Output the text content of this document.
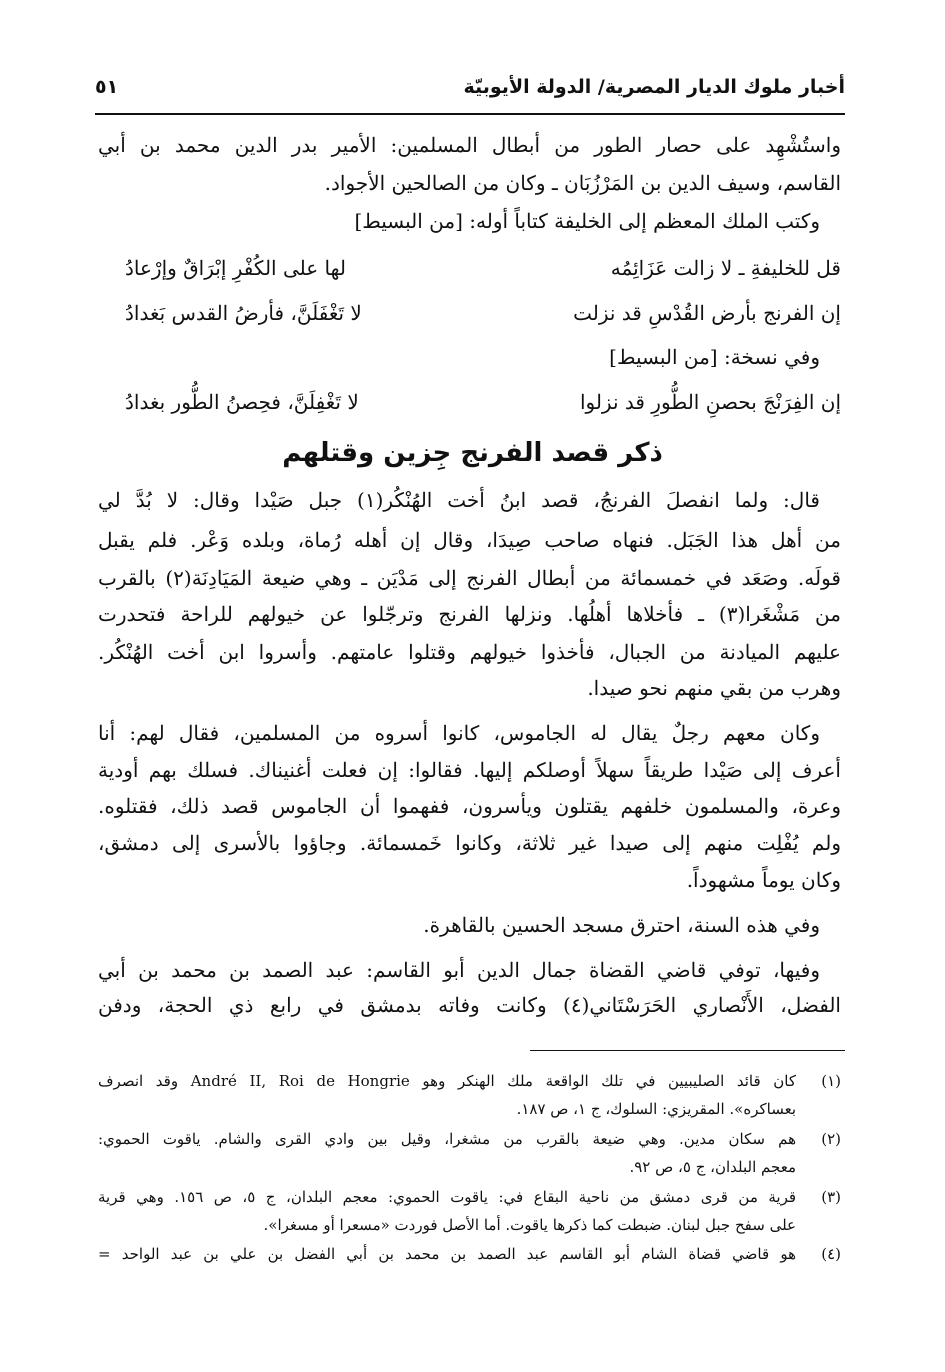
أخبار ملوك الديار المصرية/ الدولة الأيوبيّة
٥١
واستُشْهِد على حصار الطور من أبطال المسلمين: الأمير بدر الدين محمد بن أبي
القاسم، وسيف الدين بن المَرْزُبَان ـ وكان من الصالحين الأجواد.
وكتب الملك المعظم إلى الخليفة كتاباً أوله: [من البسيط]
قل للخليفةِ ـ لا زالت عَزَائِمُه
لها على الكُفْرِ إبْرَاقٌ وإرْعادُ
إن الفرنج بأرض القُدْسِ قد نزلت
لا تَغْفَلَنَّ، فأرضُ القدس بَغدادُ
وفي نسخة: [من البسيط]
إن الفِرَنْجَ بحصنِ الطُّورِ قد نزلوا
لا تَغْفِلَنَّ، فحِصنُ الطُّور بغدادُ
ذكر قصد الفرنج جِزين وقتلهم
قال: ولما انفصلَ الفرنجُ، قصد ابنُ أخت الهُنْكُر(١) جبل صَيْدا وقال: لا بُدَّ لي
من أهل هذا الجَبَل. فنهاه صاحب صِيدَا، وقال إن أهله رُماة، وبلده وَعْر. فلم يقبل
قولَه. وصَعَد في خمسمائة من أبطال الفرنج إلى مَدْيَن ـ وهي ضيعة المَيَادِنَة(٢) بالقرب
من مَشْغَرا(٣) ـ فأخلاها أهلُها. ونزلها الفرنج وترجّلوا عن خيولهم للراحة فتحدرت
عليهم الميادنة من الجبال، فأخذوا خيولهم وقتلوا عامتهم. وأسروا ابن أخت الهُنْكُر.
وهرب من بقي منهم نحو صيدا.
وكان معهم رجلٌ يقال له الجاموس، كانوا أسروه من المسلمين، فقال لهم: أنا
أعرف إلى صَيْدا طريقاً سهلاً أوصلكم إليها. فقالوا: إن فعلت أغنيناك. فسلك بهم أودية
وعرة، والمسلمون خلفهم يقتلون ويأسرون، ففهموا أن الجاموس قصد ذلك، فقتلوه.
ولم يُفْلِت منهم إلى صيدا غير ثلاثة، وكانوا خَمسمائة. وجاؤوا بالأسرى إلى دمشق،
وكان يوماً مشهوداً.
وفي هذه السنة، احترق مسجد الحسين بالقاهرة.
وفيها، توفي قاضي القضاة جمال الدين أبو القاسم: عبد الصمد بن محمد بن أبي
الفضل، الأَنْصاري الحَرَسْتَاني(٤) وكانت وفاته بدمشق في رابع ذي الحجة، ودفن
(١)
كان قائد الصليبيين في تلك الواقعة ملك الهنكر وهو André II, Roi de Hongrie وقد انصرف
بعساكره». المقريزي: السلوك، ج ١، ص ١٨٧.
(٢)
هم سكان مدين. وهي ضيعة بالقرب من مشغرا، وقيل بين وادي القرى والشام. ياقوت الحموي:
معجم البلدان، ج ٥، ص ٩٢.
(٣)
قرية من قرى دمشق من ناحية البقاع في: ياقوت الحموي: معجم البلدان، ج ٥، ص ١٥٦. وهي قرية
على سفح جبل لبنان. ضبطت كما ذكرها ياقوت. أما الأصل فوردت «مسعرا أو مسغرا».
(٤)
هو قاضي قضاة الشام أبو القاسم عبد الصمد بن محمد بن أبي الفضل بن علي بن عبد الواحد =
